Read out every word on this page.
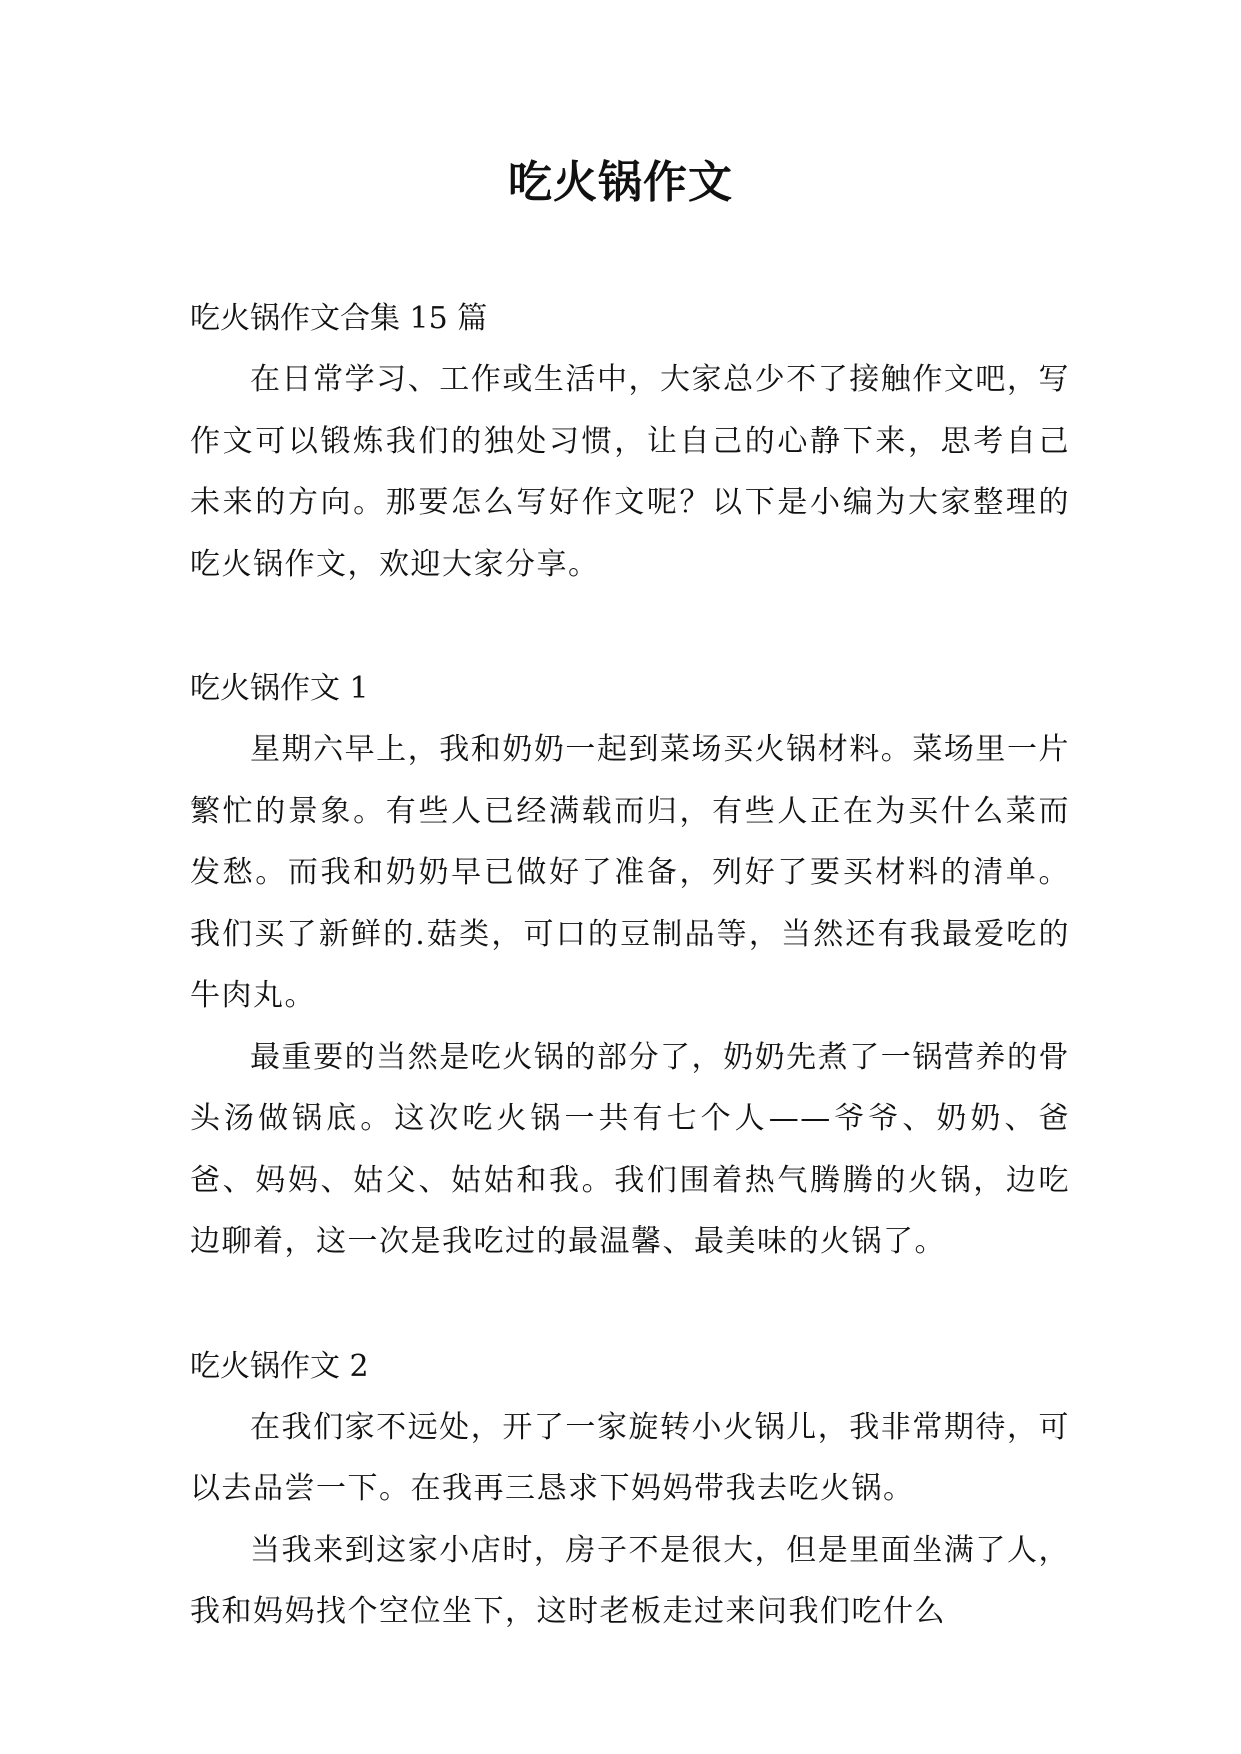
吃火锅作文

吃火锅作文合集 15 篇

在日常学习、工作或生活中，大家总少不了接触作文吧，写作文可以锻炼我们的独处习惯，让自己的心静下来，思考自己未来的方向。那要怎么写好作文呢？以下是小编为大家整理的吃火锅作文，欢迎大家分享。

吃火锅作文 1

星期六早上，我和奶奶一起到菜场买火锅材料。菜场里一片繁忙的景象。有些人已经满载而归，有些人正在为买什么菜而发愁。而我和奶奶早已做好了准备，列好了要买材料的清单。我们买了新鲜的.菇类，可口的豆制品等，当然还有我最爱吃的牛肉丸。

最重要的当然是吃火锅的部分了，奶奶先煮了一锅营养的骨头汤做锅底。这次吃火锅一共有七个人——爷爷、奶奶、爸爸、妈妈、姑父、姑姑和我。我们围着热气腾腾的火锅，边吃边聊着，这一次是我吃过的最温馨、最美味的火锅了。

吃火锅作文 2

在我们家不远处，开了一家旋转小火锅儿，我非常期待，可以去品尝一下。在我再三恳求下妈妈带我去吃火锅。

当我来到这家小店时，房子不是很大，但是里面坐满了人，我和妈妈找个空位坐下，这时老板走过来问我们吃什么
